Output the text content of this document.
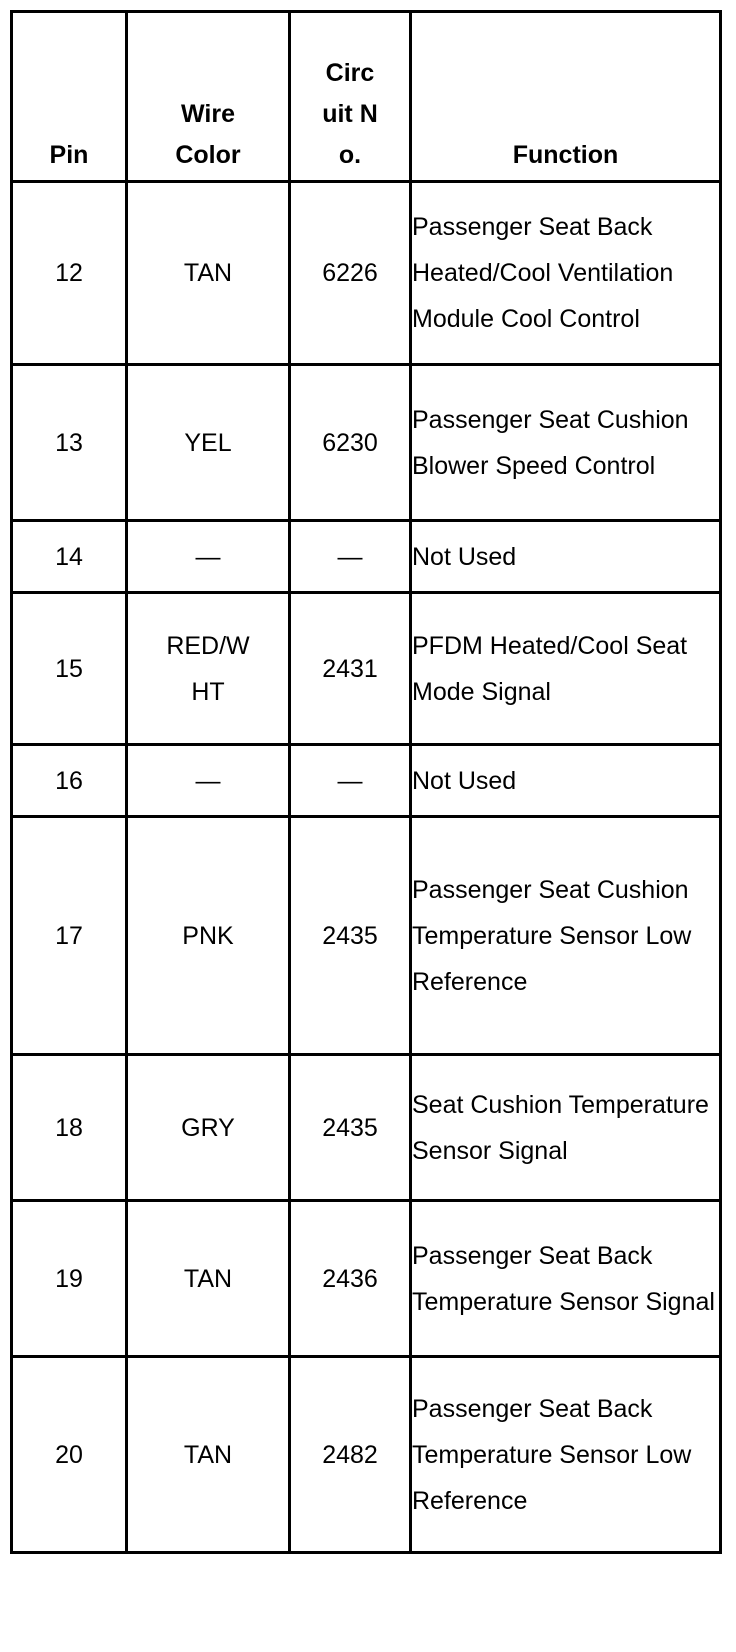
Pin	Wire Color	Circuit No.	Function
12	TAN	6226	Passenger Seat Back Heated/Cool Ventilation Module Cool Control

13	YEL	6230	Passenger Seat Cushion Blower Speed Control

14	—	—	Not Used

15	RED/WHT	2431	PFDM Heated/Cool Seat Mode Signal

16	—	—	Not Used

17	PNK	2435	Passenger Seat Cushion Temperature Sensor Low Reference

18	GRY	2435	Seat Cushion Temperature Sensor Signal

19	TAN	2436	Passenger Seat Back Temperature Sensor Signal

20	TAN	2482	Passenger Seat Back Temperature Sensor Low Reference
